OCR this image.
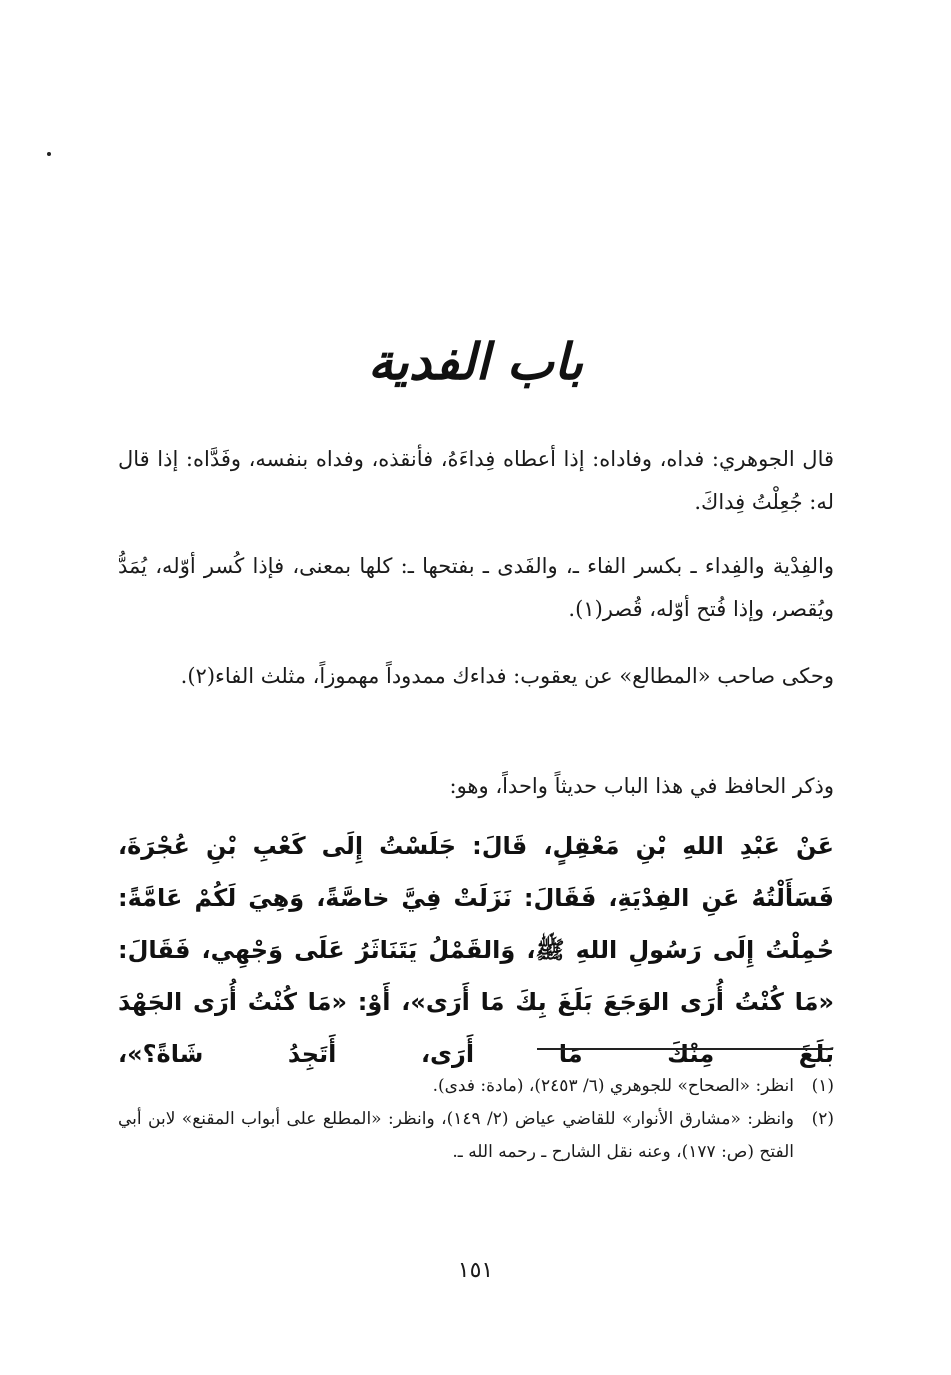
باب الفدية

قال الجوهري: فداه، وفاداه: إذا أعطاه فِداءَهُ، فأنقذه، وفداه بنفسه، وفَدَّاه: إذا قال له: جُعِلْتُ فِداكَ.

والفِدْية والفِداء ـ بكسر الفاء ـ، والفَدى ـ بفتحها ـ: كلها بمعنى، فإذا كُسر أوّله، يُمَدُّ ويُقصر، وإذا فُتح أوّله، قُصر(١).

وحكى صاحب «المطالع» عن يعقوب: فداءك ممدوداً مهموزاً، مثلث الفاء(٢).

وذكر الحافظ في هذا الباب حديثاً واحداً، وهو:

عَنْ عَبْدِ اللهِ بْنِ مَعْقِلٍ، قَالَ: جَلَسْتُ إِلَى كَعْبِ بْنِ عُجْرَةَ، فَسَأَلْتُهُ عَنِ الفِدْيَةِ، فَقَالَ: نَزَلَتْ فِيَّ خاصَّةً، وَهِيَ لَكُمْ عَامَّةً: حُمِلْتُ إِلَى رَسُولِ اللهِ ﷺ، وَالقَمْلُ يَتَنَاثَرُ عَلَى وَجْهِي، فَقَالَ: «مَا كُنْتُ أُرَى الوَجَعَ بَلَغَ بِكَ مَا أَرَى»، أَوْ: «مَا كُنْتُ أُرَى الجَهْدَ بَلَغَ مِنْكَ مَا أَرَى، أَتَجِدُ شَاةً؟»،

(١)
انظر: «الصحاح» للجوهري (٦/ ٢٤٥٣)، (مادة: فدى).
(٢)
وانظر: «مشارق الأنوار» للقاضي عياض (٢/ ١٤٩)، وانظر: «المطلع على أبواب المقنع» لابن أبي الفتح (ص: ١٧٧)، وعنه نقل الشارح ـ رحمه الله ـ.
١٥١
